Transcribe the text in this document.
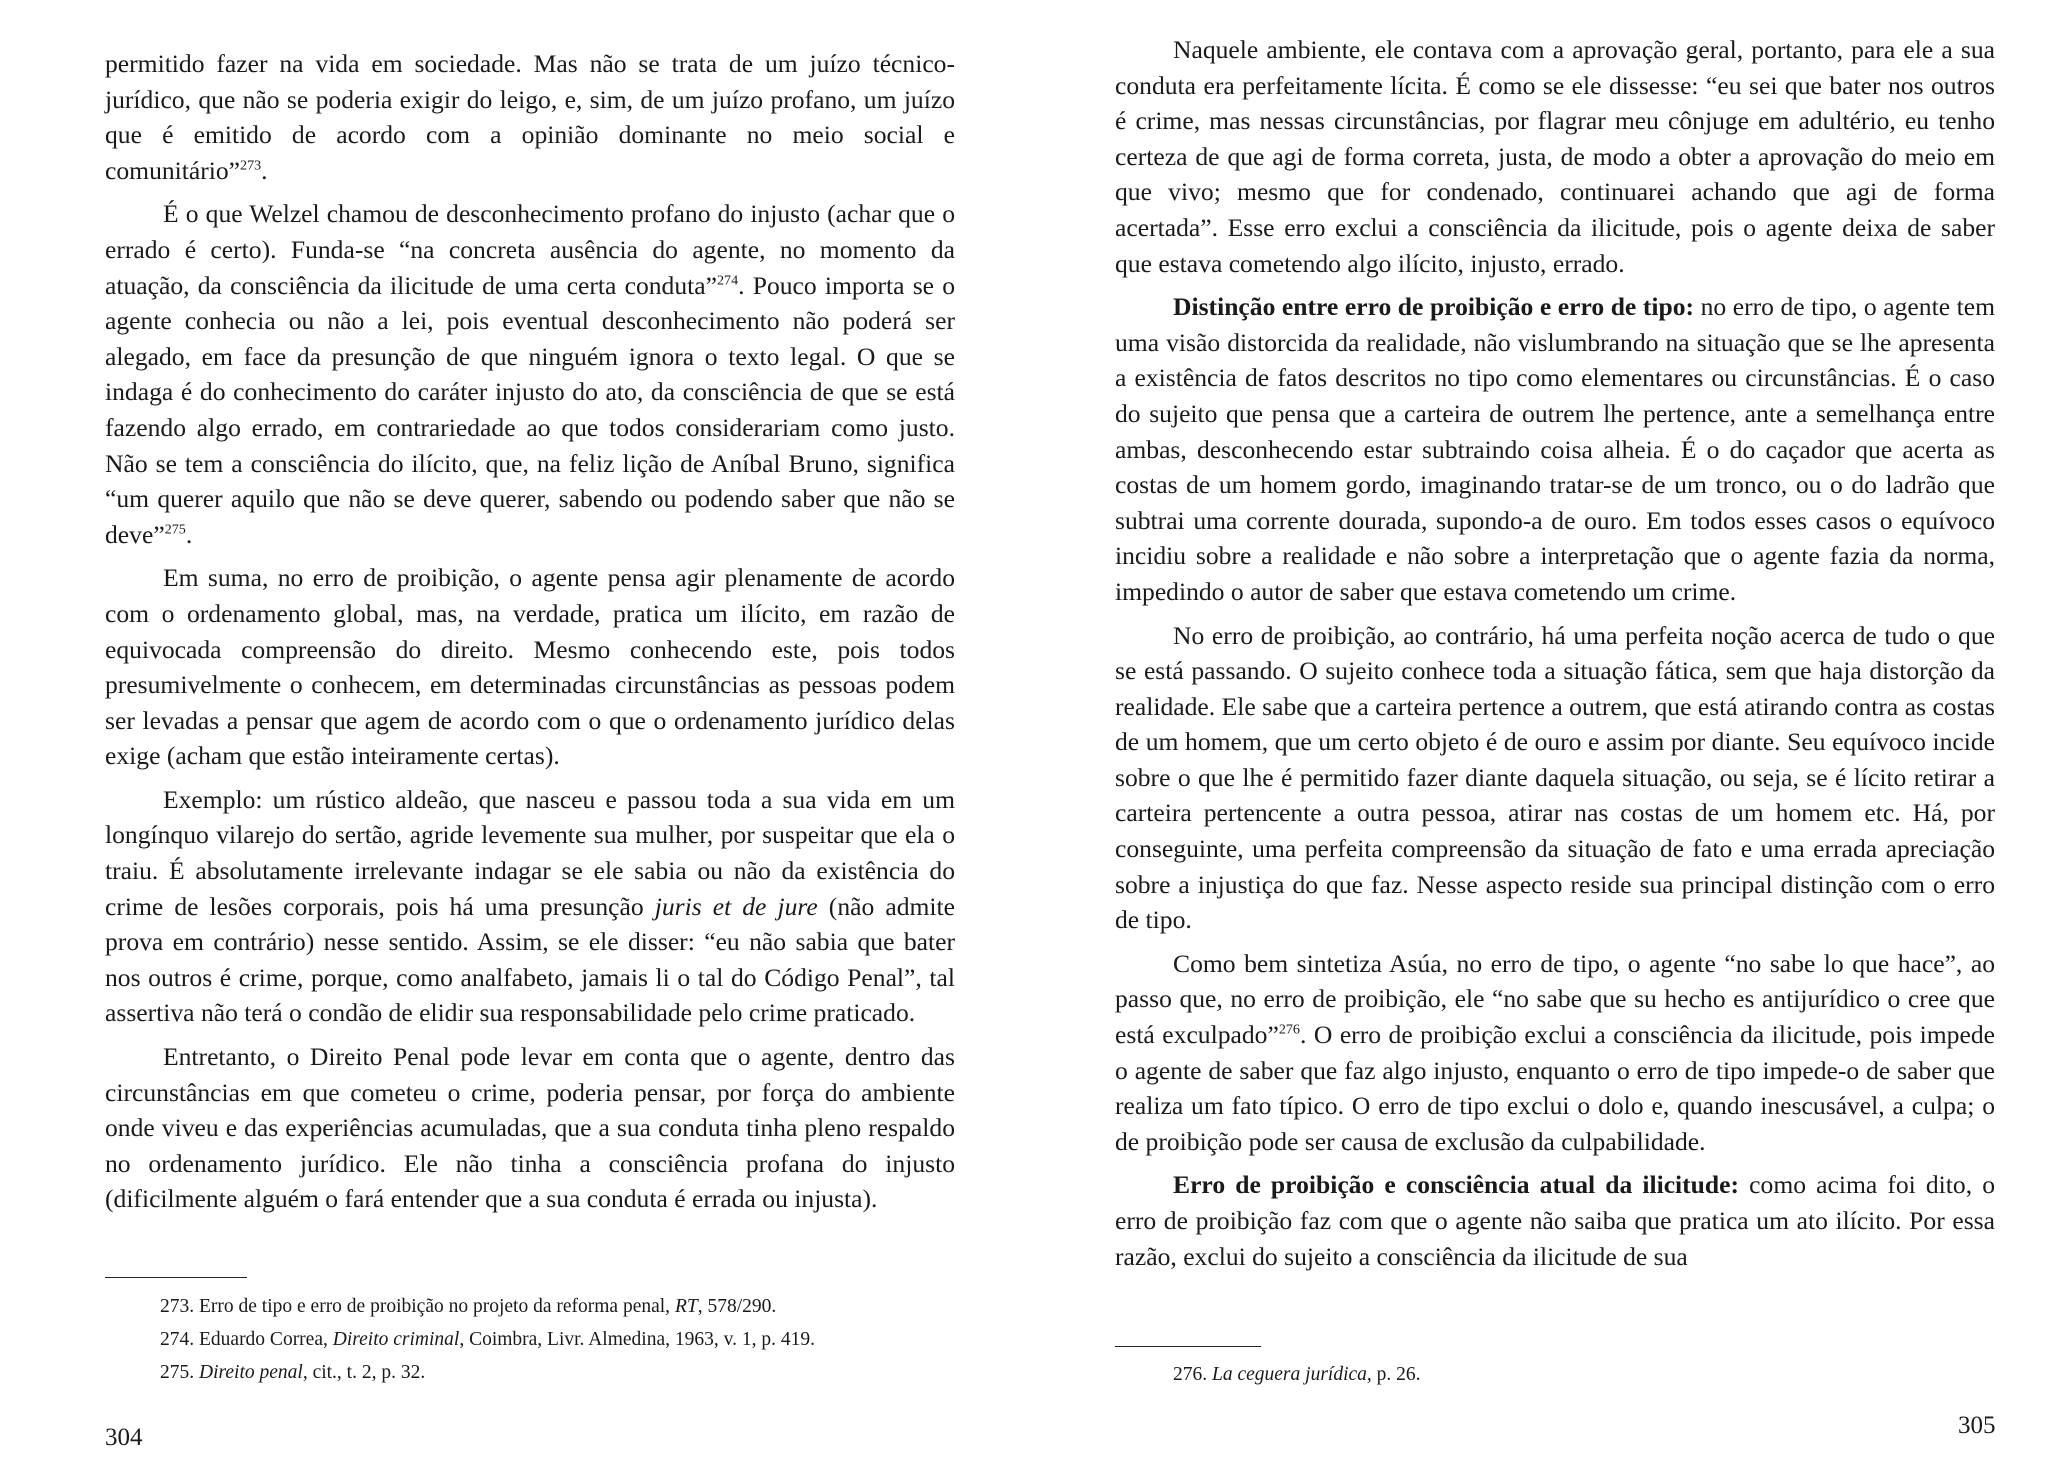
permitido fazer na vida em sociedade. Mas não se trata de um juízo técnico-jurídico, que não se poderia exigir do leigo, e, sim, de um juízo profano, um juízo que é emitido de acordo com a opinião dominante no meio social e comunitário”$^{273}$.

É o que Welzel chamou de desconhecimento profano do injusto (achar que o errado é certo). Funda-se “na concreta ausência do agente, no momento da atuação, da consciência da ilicitude de uma certa conduta”$^{274}$. Pouco importa se o agente conhecia ou não a lei, pois eventual desconhecimento não poderá ser alegado, em face da presunção de que ninguém ignora o texto legal. O que se indaga é do conhecimento do caráter injusto do ato, da consciência de que se está fazendo algo errado, em contrariedade ao que todos considerariam como justo. Não se tem a consciência do ilícito, que, na feliz lição de Aníbal Bruno, significa “um querer aquilo que não se deve querer, sabendo ou podendo saber que não se deve”$^{275}$.

Em suma, no erro de proibição, o agente pensa agir plenamente de acordo com o ordenamento global, mas, na verdade, pratica um ilícito, em razão de equivocada compreensão do direito. Mesmo conhecendo este, pois todos presumivelmente o conhecem, em determinadas circunstâncias as pessoas podem ser levadas a pensar que agem de acordo com o que o ordenamento jurídico delas exige (acham que estão inteiramente certas).

Exemplo: um rústico aldeão, que nasceu e passou toda a sua vida em um longínquo vilarejo do sertão, agride levemente sua mulher, por suspeitar que ela o traiu. É absolutamente irrelevante indagar se ele sabia ou não da existência do crime de lesões corporais, pois há uma presunção juris et de jure (não admite prova em contrário) nesse sentido. Assim, se ele disser: “eu não sabia que bater nos outros é crime, porque, como analfabeto, jamais li o tal do Código Penal”, tal assertiva não terá o condão de elidir sua responsabilidade pelo crime praticado.

Entretanto, o Direito Penal pode levar em conta que o agente, dentro das circunstâncias em que cometeu o crime, poderia pensar, por força do ambiente onde viveu e das experiências acumuladas, que a sua conduta tinha pleno respaldo no ordenamento jurídico. Ele não tinha a consciência profana do injusto (dificilmente alguém o fará entender que a sua conduta é errada ou injusta).

273. Erro de tipo e erro de proibição no projeto da reforma penal, RT, 578/290.

274. Eduardo Correa, Direito criminal, Coimbra, Livr. Almedina, 1963, v. 1, p. 419.

275. Direito penal, cit., t. 2, p. 32.

304

Naquele ambiente, ele contava com a aprovação geral, portanto, para ele a sua conduta era perfeitamente lícita. É como se ele dissesse: “eu sei que bater nos outros é crime, mas nessas circunstâncias, por flagrar meu cônjuge em adultério, eu tenho certeza de que agi de forma correta, justa, de modo a obter a aprovação do meio em que vivo; mesmo que for condenado, continuarei achando que agi de forma acertada”. Esse erro exclui a consciência da ilicitude, pois o agente deixa de saber que estava cometendo algo ilícito, injusto, errado.

Distinção entre erro de proibição e erro de tipo: no erro de tipo, o agente tem uma visão distorcida da realidade, não vislumbrando na situação que se lhe apresenta a existência de fatos descritos no tipo como elementares ou circunstâncias. É o caso do sujeito que pensa que a carteira de outrem lhe pertence, ante a semelhança entre ambas, desconhecendo estar subtraindo coisa alheia. É o do caçador que acerta as costas de um homem gordo, imaginando tratar-se de um tronco, ou o do ladrão que subtrai uma corrente dourada, supondo-a de ouro. Em todos esses casos o equívoco incidiu sobre a realidade e não sobre a interpretação que o agente fazia da norma, impedindo o autor de saber que estava cometendo um crime.

No erro de proibição, ao contrário, há uma perfeita noção acerca de tudo o que se está passando. O sujeito conhece toda a situação fática, sem que haja distorção da realidade. Ele sabe que a carteira pertence a outrem, que está atirando contra as costas de um homem, que um certo objeto é de ouro e assim por diante. Seu equívoco incide sobre o que lhe é permitido fazer diante daquela situação, ou seja, se é lícito retirar a carteira pertencente a outra pessoa, atirar nas costas de um homem etc. Há, por conseguinte, uma perfeita compreensão da situação de fato e uma errada apreciação sobre a injustiça do que faz. Nesse aspecto reside sua principal distinção com o erro de tipo.

Como bem sintetiza Asúa, no erro de tipo, o agente “no sabe lo que hace”, ao passo que, no erro de proibição, ele “no sabe que su hecho es antijurídico o cree que está exculpado”$^{276}$. O erro de proibição exclui a consciência da ilicitude, pois impede o agente de saber que faz algo injusto, enquanto o erro de tipo impede-o de saber que realiza um fato típico. O erro de tipo exclui o dolo e, quando inescusável, a culpa; o de proibição pode ser causa de exclusão da culpabilidade.

Erro de proibição e consciência atual da ilicitude: como acima foi dito, o erro de proibição faz com que o agente não saiba que pratica um ato ilícito. Por essa razão, exclui do sujeito a consciência da ilicitude de sua

276. La ceguera jurídica, p. 26.

305
